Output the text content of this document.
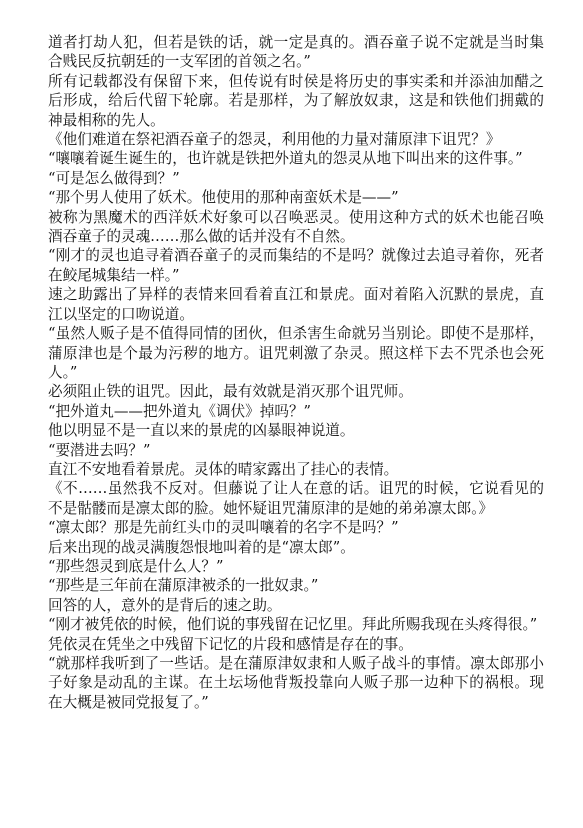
道者打劫人犯，但若是铁的话，就一定是真的。酒吞童子说不定就是当时集合贱民反抗朝廷的一支军团的首领之名。”

所有记载都没有保留下来，但传说有时侯是将历史的事实柔和并添油加醋之后形成，给后代留下轮廓。若是那样，为了解放奴隶，这是和铁他们拥戴的神最相称的先人。

《他们难道在祭祀酒吞童子的怨灵，利用他的力量对蒲原津下诅咒？》

“嚷嚷着诞生诞生的，也许就是铁把外道丸的怨灵从地下叫出来的这件事。”

“可是怎么做得到？”

“那个男人使用了妖术。他使用的那种南蛮妖术是——”

被称为黑魔术的西洋妖术好象可以召唤恶灵。使用这种方式的妖术也能召唤酒吞童子的灵魂……那么做的话并没有不自然。

“刚才的灵也追寻着酒吞童子的灵而集结的不是吗？就像过去追寻着你，死者在鲛尾城集结一样。”

速之助露出了异样的表情来回看着直江和景虎。面对着陷入沉默的景虎，直江以坚定的口吻说道。

“虽然人贩子是不值得同情的团伙，但杀害生命就另当别论。即使不是那样，蒲原津也是个最为污秽的地方。诅咒刺激了杂灵。照这样下去不咒杀也会死人。”

必须阻止铁的诅咒。因此，最有效就是消灭那个诅咒师。

“把外道丸——把外道丸《调伏》掉吗？”

他以明显不是一直以来的景虎的凶暴眼神说道。

“要潜进去吗？”

直江不安地看着景虎。灵体的晴家露出了挂心的表情。

《不……虽然我不反对。但藤说了让人在意的话。诅咒的时候，它说看见的不是骷髅而是凛太郎的脸。她怀疑诅咒蒲原津的是她的弟弟凛太郎。》

“凛太郎？那是先前红头巾的灵叫嚷着的名字不是吗？”

后来出现的战灵满腹怨恨地叫着的是“凛太郎”。

“那些怨灵到底是什么人？”

“那些是三年前在蒲原津被杀的一批奴隶。”

回答的人，意外的是背后的速之助。

“刚才被凭依的时候，他们说的事残留在记忆里。拜此所赐我现在头疼得很。”

凭依灵在凭坐之中残留下记忆的片段和感情是存在的事。

“就那样我听到了一些话。是在蒲原津奴隶和人贩子战斗的事情。凛太郎那小子好象是动乱的主谋。在土坛场他背叛投靠向人贩子那一边种下的祸根。现在大概是被同党报复了。”
